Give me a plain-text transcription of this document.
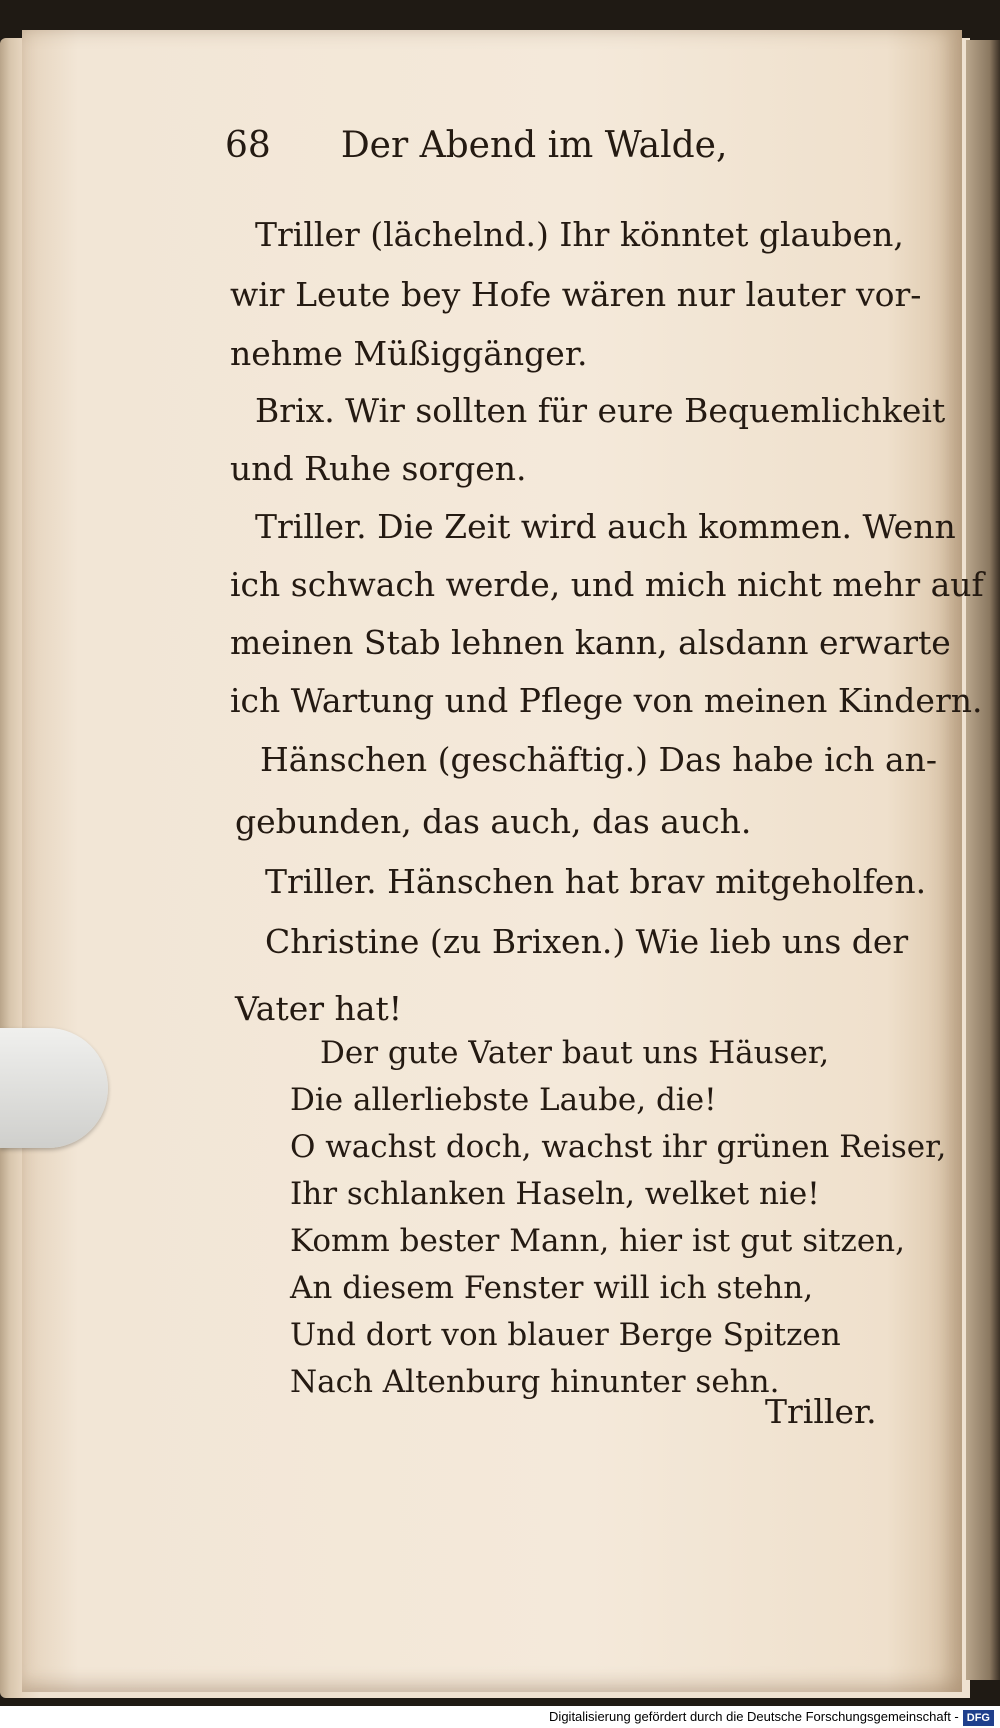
68 Der Abend im Walde,
Triller (lächelnd.) Ihr könntet glauben,
wir Leute bey Hofe wären nur lauter vor-
nehme Müßiggänger.
Brix. Wir sollten für eure Bequemlichkeit
und Ruhe sorgen.
Triller. Die Zeit wird auch kommen. Wenn
ich schwach werde, und mich nicht mehr auf
meinen Stab lehnen kann, alsdann erwarte
ich Wartung und Pflege von meinen Kindern.
Hänschen (geschäftig.) Das habe ich an-
gebunden, das auch, das auch.
Triller. Hänschen hat brav mitgeholfen.
Christine (zu Brixen.) Wie lieb uns der
Vater hat!
Der gute Vater baut uns Häuser,
Die allerliebste Laube, die!
O wachst doch, wachst ihr grünen Reiser,
Ihr schlanken Haseln, welket nie!
Komm bester Mann, hier ist gut sitzen,
An diesem Fenster will ich stehn,
Und dort von blauer Berge Spitzen
Nach Altenburg hinunter sehn.
Triller.
Digitalisierung gefördert durch die Deutsche Forschungsgemeinschaft - DFG
